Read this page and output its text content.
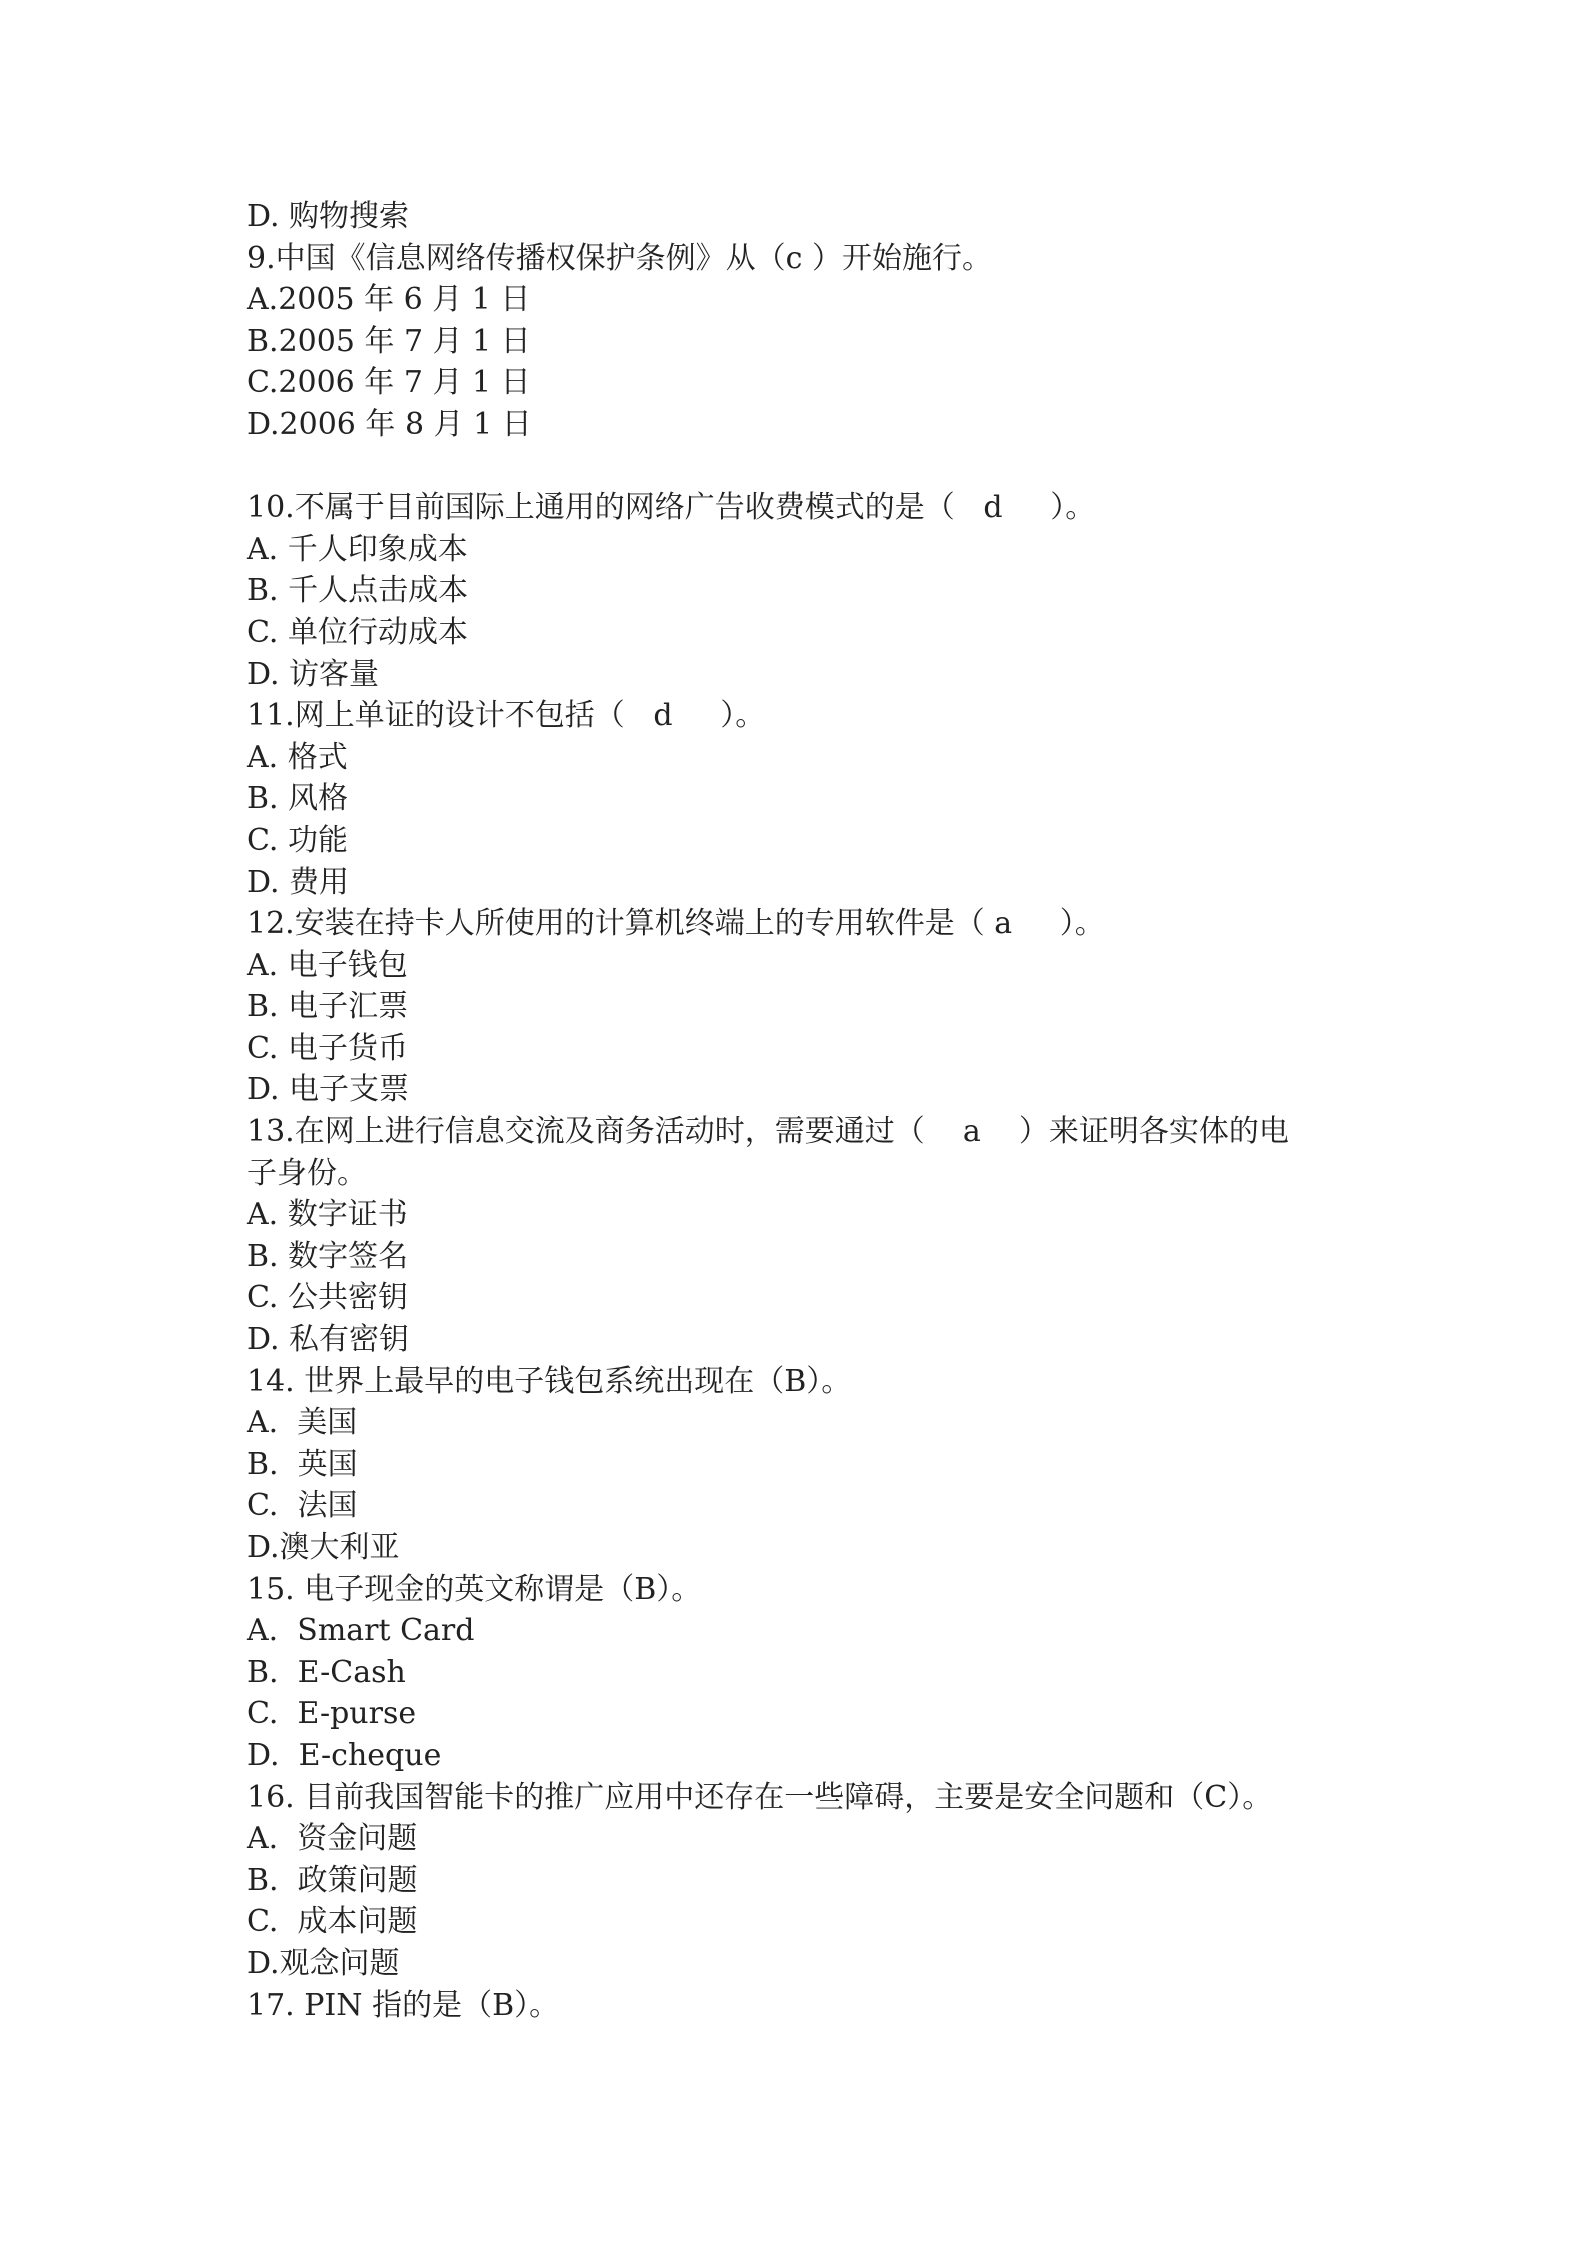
D. 购物搜索
9.中国《信息网络传播权保护条例》从（c ）开始施行。
A.2005 年 6 月 1 日
B.2005 年 7 月 1 日
C.2006 年 7 月 1 日
D.2006 年 8 月 1 日
10.不属于目前国际上通用的网络广告收费模式的是（   d     ）。
A. 千人印象成本
B. 千人点击成本
C. 单位行动成本
D. 访客量
11.网上单证的设计不包括（   d     ）。
A. 格式
B. 风格
C. 功能
D. 费用
12.安装在持卡人所使用的计算机终端上的专用软件是（ a     ）。
A. 电子钱包
B. 电子汇票
C. 电子货币
D. 电子支票
13.在网上进行信息交流及商务活动时，需要通过（    a    ）来证明各实体的电
子身份。
A. 数字证书
B. 数字签名
C. 公共密钥
D. 私有密钥
14. 世界上最早的电子钱包系统出现在（B）。
A.  美国
B.  英国
C.  法国
D.澳大利亚
15. 电子现金的英文称谓是（B）。
A.  Smart Card
B.  E-Cash
C.  E-purse
D.  E-cheque
16. 目前我国智能卡的推广应用中还存在一些障碍，主要是安全问题和（C）。
A.  资金问题
B.  政策问题
C.  成本问题
D.观念问题
17. PIN 指的是（B）。
